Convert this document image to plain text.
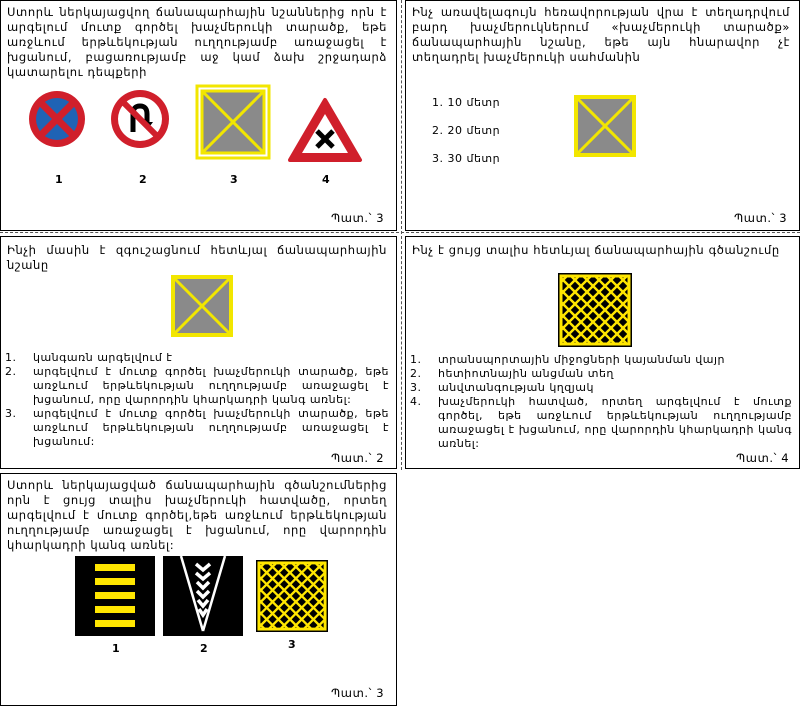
Ստորև ներկայացվող ճանապարհային նշաններից որն է արգելում մուտք գործել խաչմերուկի տարածք, եթե առջևում երթևեկության ուղղությամբ առաջացել է խցանում, բացառությամբ աջ կամ ձախ շրջադարձ կատարելու դեպքերի
1	2	3	4
Պատ.՝ 3
Ինչ առավելագույն հեռավորության վրա է տեղադրվում բարդ խաչմերուկներում «խաչմերուկի տարածք» ճանապարհային նշանը, եթե այն հնարավոր չէ տեղադրել խաչմերուկի սահմանին
1. 10 մետր
2. 20 մետր
3. 30 մետր
Պատ.՝ 3
Ինչի մասին է զգուշացնում հետևյալ ճանապարհային նշանը
1.	կանգառն արգելվում է
2.	արգելվում է մուտք գործել խաչմերուկի տարածք, եթե առջևում երթևեկության ուղղությամբ առաջացել է խցանում, որը վարորդին կհարկադրի կանգ առնել:
3.	արգելվում է մուտք գործել խաչմերուկի տարածք, եթե առջևում երթևեկության ուղղությամբ առաջացել է խցանում:
Պատ.՝ 2
Ինչ է ցույց տալիս հետևյալ ճանապարհային գծանշումը
1.	տրանսպորտային միջոցների կայանման վայր
2.	հետիոտնային անցման տեղ
3.	անվտանգության կղզյակ
4.	խաչմերուկի հատված, որտեղ արգելվում է մուտք գործել, եթե առջևում երթևեկության ուղղությամբ առաջացել է խցանում, որը վարորդին կհարկադրի կանգ առնել:
Պատ.՝ 4
Ստորև ներկայացված ճանապարհային գծանշումներից որն է ցույց տալիս խաչմերուկի հատվածը, որտեղ արգելվում է մուտք գործել,եթե առջևում երթևեկության ուղղությամբ առաջացել է խցանում, որը վարորդին կհարկադրի կանգ առնել:
1	2	3
Պատ.՝ 3
